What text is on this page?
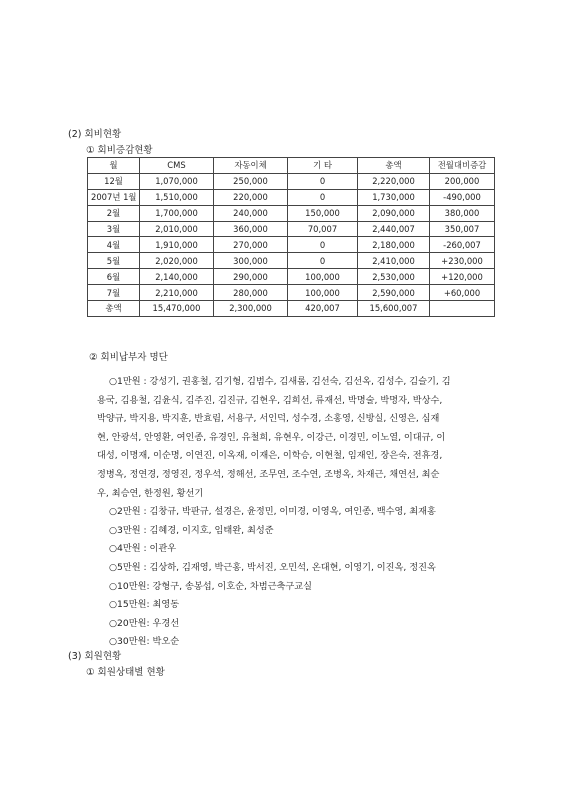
(2) 회비현황
① 회비증감현황
월	CMS	자동이체	기 타	총액	전월대비증감
12월	1,070,000	250,000	0	2,220,000	200,000
2007년 1월	1,510,000	220,000	0	1,730,000	-490,000
2월	1,700,000	240,000	150,000	2,090,000	380,000
3월	2,010,000	360,000	70,007	2,440,007	350,007
4월	1,910,000	270,000	0	2,180,000	-260,007
5월	2,020,000	300,000	0	2,410,000	+230,000
6월	2,140,000	290,000	100,000	2,530,000	+120,000
7월	2,210,000	280,000	100,000	2,590,000	+60,000
총액	15,470,000	2,300,000	420,007	15,600,007	
② 회비납부자 명단
○1만원 : 강성기, 권홍철, 김기형, 김범수, 김새롬, 김선숙, 김선옥, 김성수, 김슬기, 김
용국, 김용철, 김윤식, 김주진, 김진규, 김현우, 김희선, 류재선, 박명술, 박명자, 박상수,
박양규, 박지용, 박지훈, 반효림, 서용구, 서인덕, 성수경, 소홍영, 신방실, 신영은, 심재
현, 안광석, 안영환, 여인종, 유경인, 유철희, 유현우, 이강근, 이경민, 이노열, 이대규, 이
대성, 이명재, 이순명, 이연진, 이옥재, 이재은, 이학승, 이현철, 임재인, 장은숙, 전휴경,
정병옥, 정연경, 정영진, 정우석, 정해선, 조무연, 조수연, 조병옥, 차재근, 채연선, 최순
우, 최승연, 한정원, 황선기
○2만원 : 김창규, 박판규, 설경은, 윤정민, 이미경, 이영옥, 여인종, 백수영, 최재홍
○3만원 : 김혜경, 이지호, 임태완, 최성준
○4만원 : 이관우
○5만원 : 김상하, 김재영, 박근홍, 박서진, 오민석, 온대현, 이영기, 이진옥, 정진옥
○10만원: 강형구, 송봉섭, 이호순, 차범근축구교실
○15만원: 최영동
○20만원: 우경선
○30만원: 박오순
(3) 회원현황
① 회원상태별 현황
